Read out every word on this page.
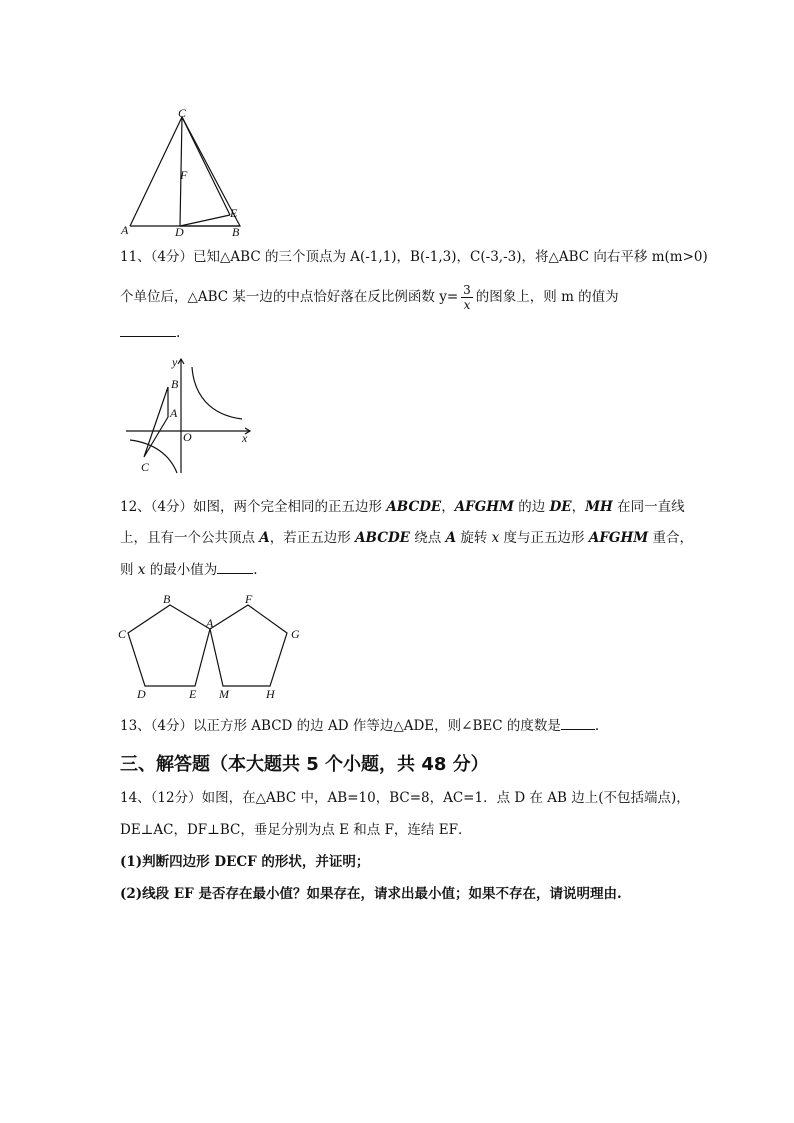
C
F
A	D
E
B
11、（4分）已知△ABC 的三个顶点为 A(-1,1)，B(-1,3)，C(-3,-3)，将△ABC 向右平移 m(m>0)
个单位后，△ABC 某一边的中点恰好落在反比例函数 $y= \frac{3}{x}$ 的图象上，则 m 的值为
.
y
B
A
O	x
C
12、（4分）如图，两个完全相同的正五边形 ABCDE，AFGHM 的边 DE，MH 在同一直线
上，且有一个公共顶点 A，若正五边形 ABCDE 绕点 A 旋转 x 度与正五边形 AFGHM 重合，
则 x 的最小值为	.
B	F
C
A
G
D	E M	H
13、（4分）以正方形 ABCD 的边 AD 作等边△ADE，则∠BEC 的度数是	.
三、解答题（本大题共 5 个小题，共 48 分）
14、（12分）如图，在△ABC 中，AB=10，BC=8，AC=1．点 D 在 AB 边上(不包括端点)，
DE⊥AC，DF⊥BC，垂足分别为点 E 和点 F，连结 EF．
(1)判断四边形 DECF 的形状，并证明；
(2)线段 EF 是否存在最小值？如果存在，请求出最小值；如果不存在，请说明理由.
